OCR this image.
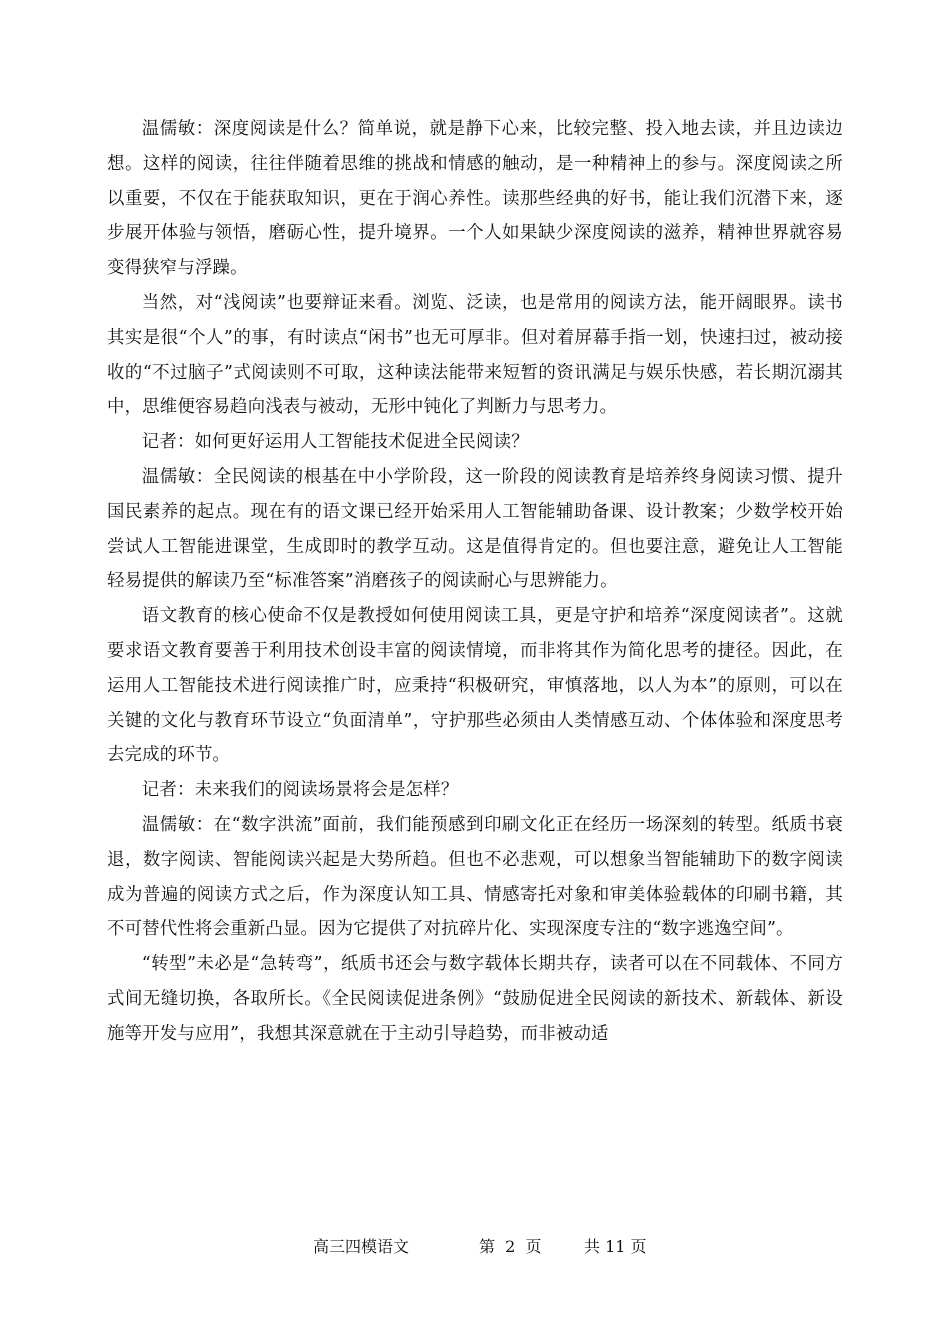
温儒敏：深度阅读是什么？简单说，就是静下心来，比较完整、投入地去读，并且边读边想。这样的阅读，往往伴随着思维的挑战和情感的触动，是一种精神上的参与。深度阅读之所以重要，不仅在于能获取知识，更在于润心养性。读那些经典的好书，能让我们沉潜下来，逐步展开体验与领悟，磨砺心性，提升境界。一个人如果缺少深度阅读的滋养，精神世界就容易变得狭窄与浮躁。

当然，对“浅阅读”也要辩证来看。浏览、泛读，也是常用的阅读方法，能开阔眼界。读书其实是很“个人”的事，有时读点“闲书”也无可厚非。但对着屏幕手指一划，快速扫过，被动接收的“不过脑子”式阅读则不可取，这种读法能带来短暂的资讯满足与娱乐快感，若长期沉溺其中，思维便容易趋向浅表与被动，无形中钝化了判断力与思考力。

记者：如何更好运用人工智能技术促进全民阅读？

温儒敏：全民阅读的根基在中小学阶段，这一阶段的阅读教育是培养终身阅读习惯、提升国民素养的起点。现在有的语文课已经开始采用人工智能辅助备课、设计教案；少数学校开始尝试人工智能进课堂，生成即时的教学互动。这是值得肯定的。但也要注意，避免让人工智能轻易提供的解读乃至“标准答案”消磨孩子的阅读耐心与思辨能力。

语文教育的核心使命不仅是教授如何使用阅读工具，更是守护和培养“深度阅读者”。这就要求语文教育要善于利用技术创设丰富的阅读情境，而非将其作为简化思考的捷径。因此，在运用人工智能技术进行阅读推广时，应秉持“积极研究，审慎落地，以人为本”的原则，可以在关键的文化与教育环节设立“负面清单”，守护那些必须由人类情感互动、个体体验和深度思考去完成的环节。

记者：未来我们的阅读场景将会是怎样？

温儒敏：在“数字洪流”面前，我们能预感到印刷文化正在经历一场深刻的转型。纸质书衰退，数字阅读、智能阅读兴起是大势所趋。但也不必悲观，可以想象当智能辅助下的数字阅读成为普遍的阅读方式之后，作为深度认知工具、情感寄托对象和审美体验载体的印刷书籍，其不可替代性将会重新凸显。因为它提供了对抗碎片化、实现深度专注的“数字逃逸空间”。

“转型”未必是“急转弯”，纸质书还会与数字载体长期共存，读者可以在不同载体、不同方式间无缝切换，各取所长。《全民阅读促进条例》“鼓励促进全民阅读的新技术、新载体、新设施等开发与应用”，我想其深意就在于主动引导趋势，而非被动适

高三四模语文	第  2  页	共 11 页
